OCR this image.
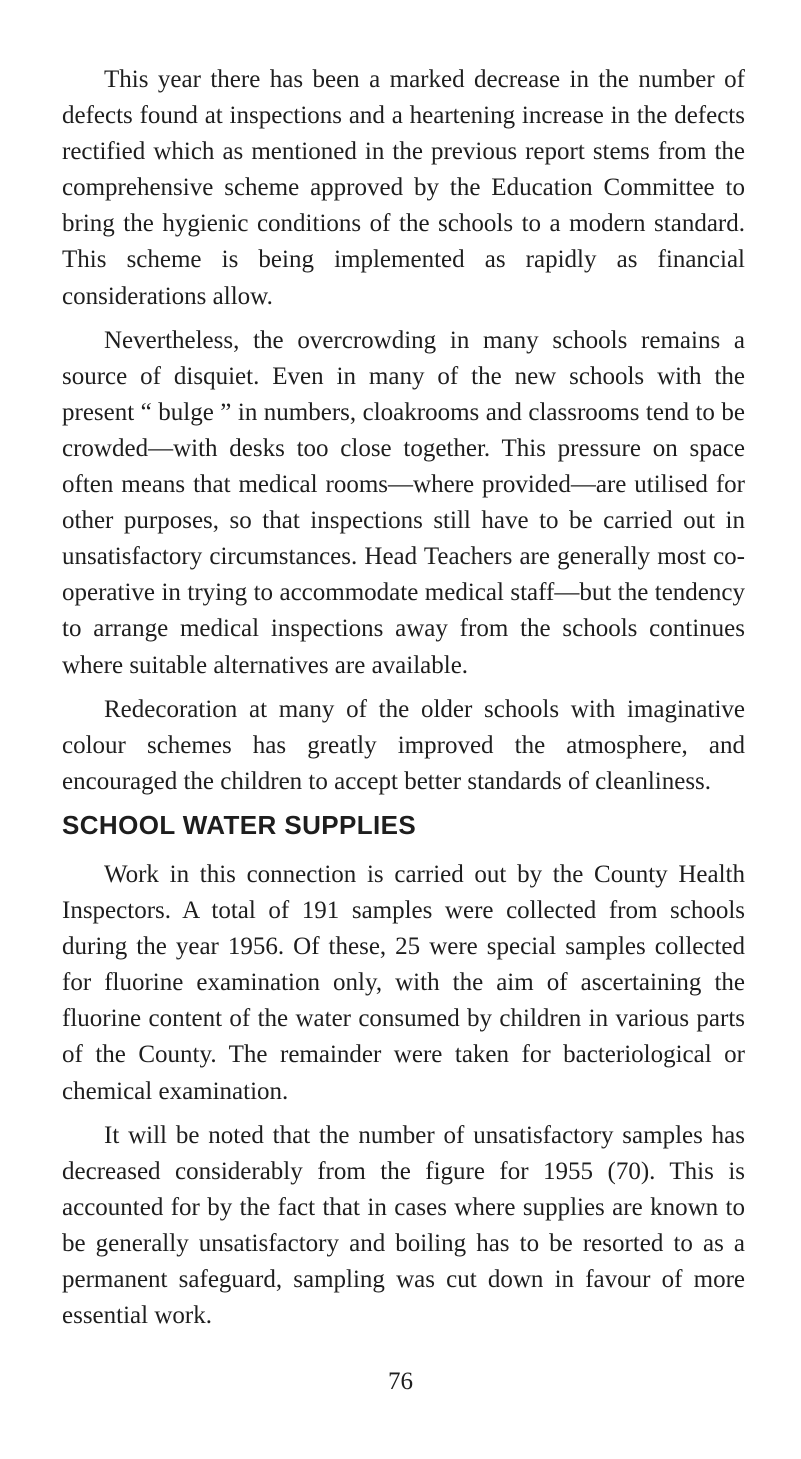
This year there has been a marked decrease in the number of defects found at inspections and a heartening increase in the defects rectified which as mentioned in the previous report stems from the comprehensive scheme approved by the Education Committee to bring the hygienic conditions of the schools to a modern standard. This scheme is being implemented as rapidly as financial considerations allow.

Nevertheless, the overcrowding in many schools remains a source of disquiet. Even in many of the new schools with the present “ bulge ” in numbers, cloakrooms and classrooms tend to be crowded—with desks too close together. This pressure on space often means that medical rooms—where provided—are utilised for other purposes, so that inspections still have to be carried out in unsatisfactory circumstances. Head Teachers are generally most co-operative in trying to accommodate medical staff—but the tendency to arrange medical inspections away from the schools continues where suitable alternatives are available.

Redecoration at many of the older schools with imaginative colour schemes has greatly improved the atmosphere, and encouraged the children to accept better standards of cleanliness.

SCHOOL WATER SUPPLIES

Work in this connection is carried out by the County Health Inspectors. A total of 191 samples were collected from schools during the year 1956. Of these, 25 were special samples collected for fluorine examination only, with the aim of ascertaining the fluorine content of the water consumed by children in various parts of the County. The remainder were taken for bacteriological or chemical examination.

It will be noted that the number of unsatisfactory samples has decreased considerably from the figure for 1955 (70). This is accounted for by the fact that in cases where supplies are known to be generally unsatisfactory and boiling has to be resorted to as a permanent safeguard, sampling was cut down in favour of more essential work.

76
